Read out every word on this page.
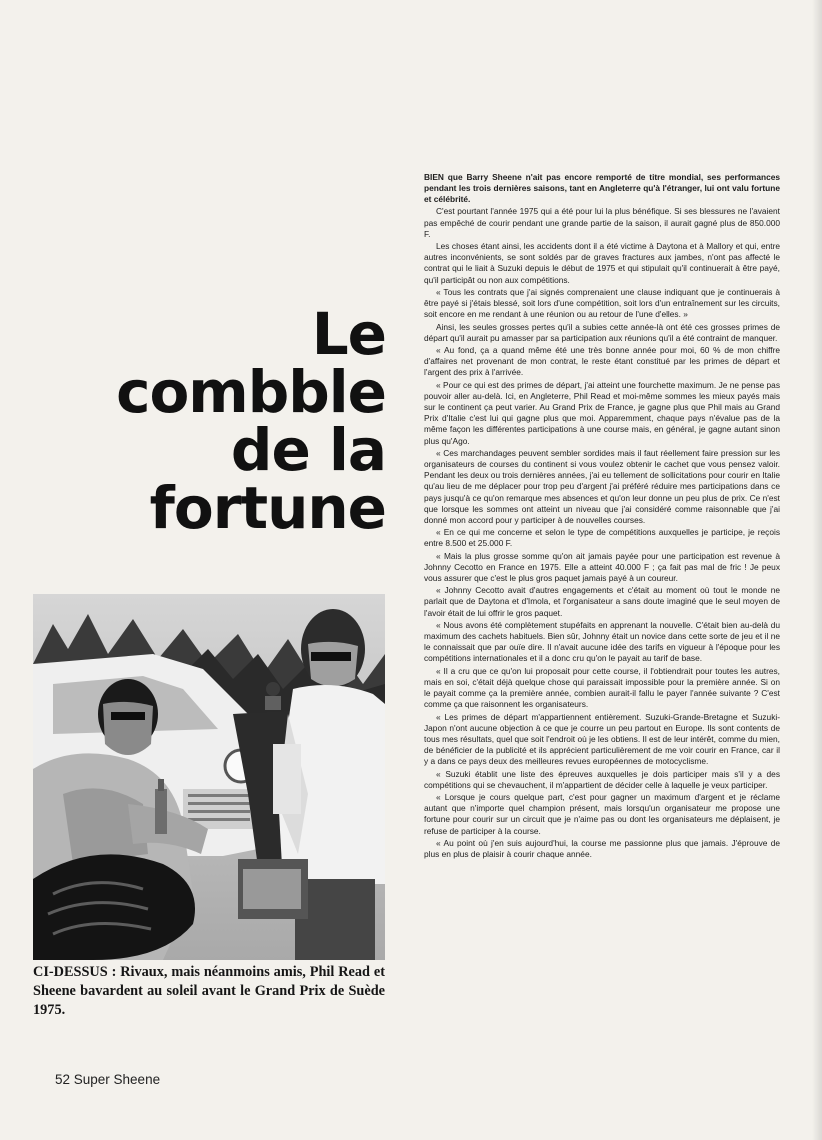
Le
combble
de la
fortune
CI-DESSUS : Rivaux, mais néanmoins amis, Phil Read et Sheene bavardent au soleil avant le Grand Prix de Suède 1975.

BIEN que Barry Sheene n'ait pas encore remporté de titre mondial, ses performances pendant les trois dernières saisons, tant en Angleterre qu'à l'étranger, lui ont valu fortune et célébrité.

C'est pourtant l'année 1975 qui a été pour lui la plus bénéfique. Si ses blessures ne l'avaient pas empêché de courir pendant une grande partie de la saison, il aurait gagné plus de 850.000 F.

Les choses étant ainsi, les accidents dont il a été victime à Daytona et à Mallory et qui, entre autres inconvénients, se sont soldés par de graves fractures aux jambes, n'ont pas affecté le contrat qui le liait à Suzuki depuis le début de 1975 et qui stipulait qu'il continuerait à être payé, qu'il participât ou non aux compétitions.

« Tous les contrats que j'ai signés comprenaient une clause indiquant que je continuerais à être payé si j'étais blessé, soit lors d'une compétition, soit lors d'un entraînement sur les circuits, soit encore en me rendant à une réunion ou au retour de l'une d'elles. »

Ainsi, les seules grosses pertes qu'il a subies cette année-là ont été ces grosses primes de départ qu'il aurait pu amasser par sa participation aux réunions qu'il a été contraint de manquer.

« Au fond, ça a quand même été une très bonne année pour moi, 60 % de mon chiffre d'affaires net provenant de mon contrat, le reste étant constitué par les primes de départ et l'argent des prix à l'arrivée.

« Pour ce qui est des primes de départ, j'ai atteint une fourchette maximum. Je ne pense pas pouvoir aller au-delà. Ici, en Angleterre, Phil Read et moi-même sommes les mieux payés mais sur le continent ça peut varier. Au Grand Prix de France, je gagne plus que Phil mais au Grand Prix d'Italie c'est lui qui gagne plus que moi. Apparemment, chaque pays n'évalue pas de la même façon les différentes participations à une course mais, en général, je gagne autant sinon plus qu'Ago.

« Ces marchandages peuvent sembler sordides mais il faut réellement faire pression sur les organisateurs de courses du continent si vous voulez obtenir le cachet que vous pensez valoir. Pendant les deux ou trois dernières années, j'ai eu tellement de sollicitations pour courir en Italie qu'au lieu de me déplacer pour trop peu d'argent j'ai préféré réduire mes participations dans ce pays jusqu'à ce qu'on remarque mes absences et qu'on leur donne un peu plus de prix. Ce n'est que lorsque les sommes ont atteint un niveau que j'ai considéré comme raisonnable que j'ai donné mon accord pour y participer à de nouvelles courses.

« En ce qui me concerne et selon le type de compétitions auxquelles je participe, je reçois entre 8.500 et 25.000 F.

« Mais la plus grosse somme qu'on ait jamais payée pour une participation est revenue à Johnny Cecotto en France en 1975. Elle a atteint 40.000 F ; ça fait pas mal de fric ! Je peux vous assurer que c'est le plus gros paquet jamais payé à un coureur.

« Johnny Cecotto avait d'autres engagements et c'était au moment où tout le monde ne parlait que de Daytona et d'Imola, et l'organisateur a sans doute imaginé que le seul moyen de l'avoir était de lui offrir le gros paquet.

« Nous avons été complètement stupéfaits en apprenant la nouvelle. C'était bien au-delà du maximum des cachets habituels. Bien sûr, Johnny était un novice dans cette sorte de jeu et il ne le connaissait que par ouïe dire. Il n'avait aucune idée des tarifs en vigueur à l'époque pour les compétitions internationales et il a donc cru qu'on le payait au tarif de base.

« Il a cru que ce qu'on lui proposait pour cette course, il l'obtiendrait pour toutes les autres, mais en soi, c'était déjà quelque chose qui paraissait impossible pour la première année. Si on le payait comme ça la première année, combien aurait-il fallu le payer l'année suivante ? C'est comme ça que raisonnent les organisateurs.

« Les primes de départ m'appartiennent entièrement. Suzuki-Grande-Bretagne et Suzuki-Japon n'ont aucune objection à ce que je courre un peu partout en Europe. Ils sont contents de tous mes résultats, quel que soit l'endroit où je les obtiens. Il est de leur intérêt, comme du mien, de bénéficier de la publicité et ils apprécient particulièrement de me voir courir en France, car il y a dans ce pays deux des meilleures revues européennes de motocyclisme.

« Suzuki établit une liste des épreuves auxquelles je dois participer mais s'il y a des compétitions qui se chevauchent, il m'appartient de décider celle à laquelle je veux participer.

« Lorsque je cours quelque part, c'est pour gagner un maximum d'argent et je réclame autant que n'importe quel champion présent, mais lorsqu'un organisateur me propose une fortune pour courir sur un circuit que je n'aime pas ou dont les organisateurs me déplaisent, je refuse de participer à la course.

« Au point où j'en suis aujourd'hui, la course me passionne plus que jamais. J'éprouve de plus en plus de plaisir à courir chaque année.

52 Super Sheene
